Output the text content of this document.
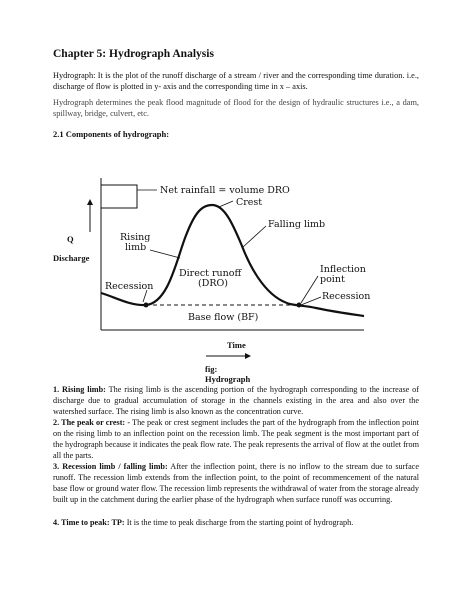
Chapter 5: Hydrograph Analysis

Hydrograph: It is the plot of the runoff discharge of a stream / river and the corresponding time duration. i.e., discharge of flow is plotted in y- axis and the corresponding time in x – axis.

Hydrograph determines the peak flood magnitude of flood for the design of hydraulic structures i.e., a dam, spillway, bridge, culvert, etc.

2.1 Components of hydrograph:

Q
Discharge
Net rainfall = volume DRO
Crest
Falling limb
Rising
limb
Inflection
point
Direct runoff
(DRO)
Recession
Recession
Base flow (BF)
Time
fig: Hydrograph

1. Rising limb: The rising limb is the ascending portion of the hydrograph corresponding to the increase of discharge due to gradual accumulation of storage in the channels existing in the area and also over the watershed surface. The rising limb is also known as the concentration curve.

2. The peak or crest: - The peak or crest segment includes the part of the hydrograph from the inflection point on the rising limb to an inflection point on the recession limb. The peak segment is the most important part of the hydrograph because it indicates the peak flow rate. The peak represents the arrival of flow at the outlet from all the parts.

3. Recession limb / falling limb: After the inflection point, there is no inflow to the stream due to surface runoff. The recession limb extends from the inflection point, to the point of recommencement of the natural base flow or ground water flow. The recession limb represents the withdrawal of water from the storage already built up in the catchment during the earlier phase of the hydrograph when surface runoff was occurring.

4. Time to peak: TP: It is the time to peak discharge from the starting point of hydrograph.
